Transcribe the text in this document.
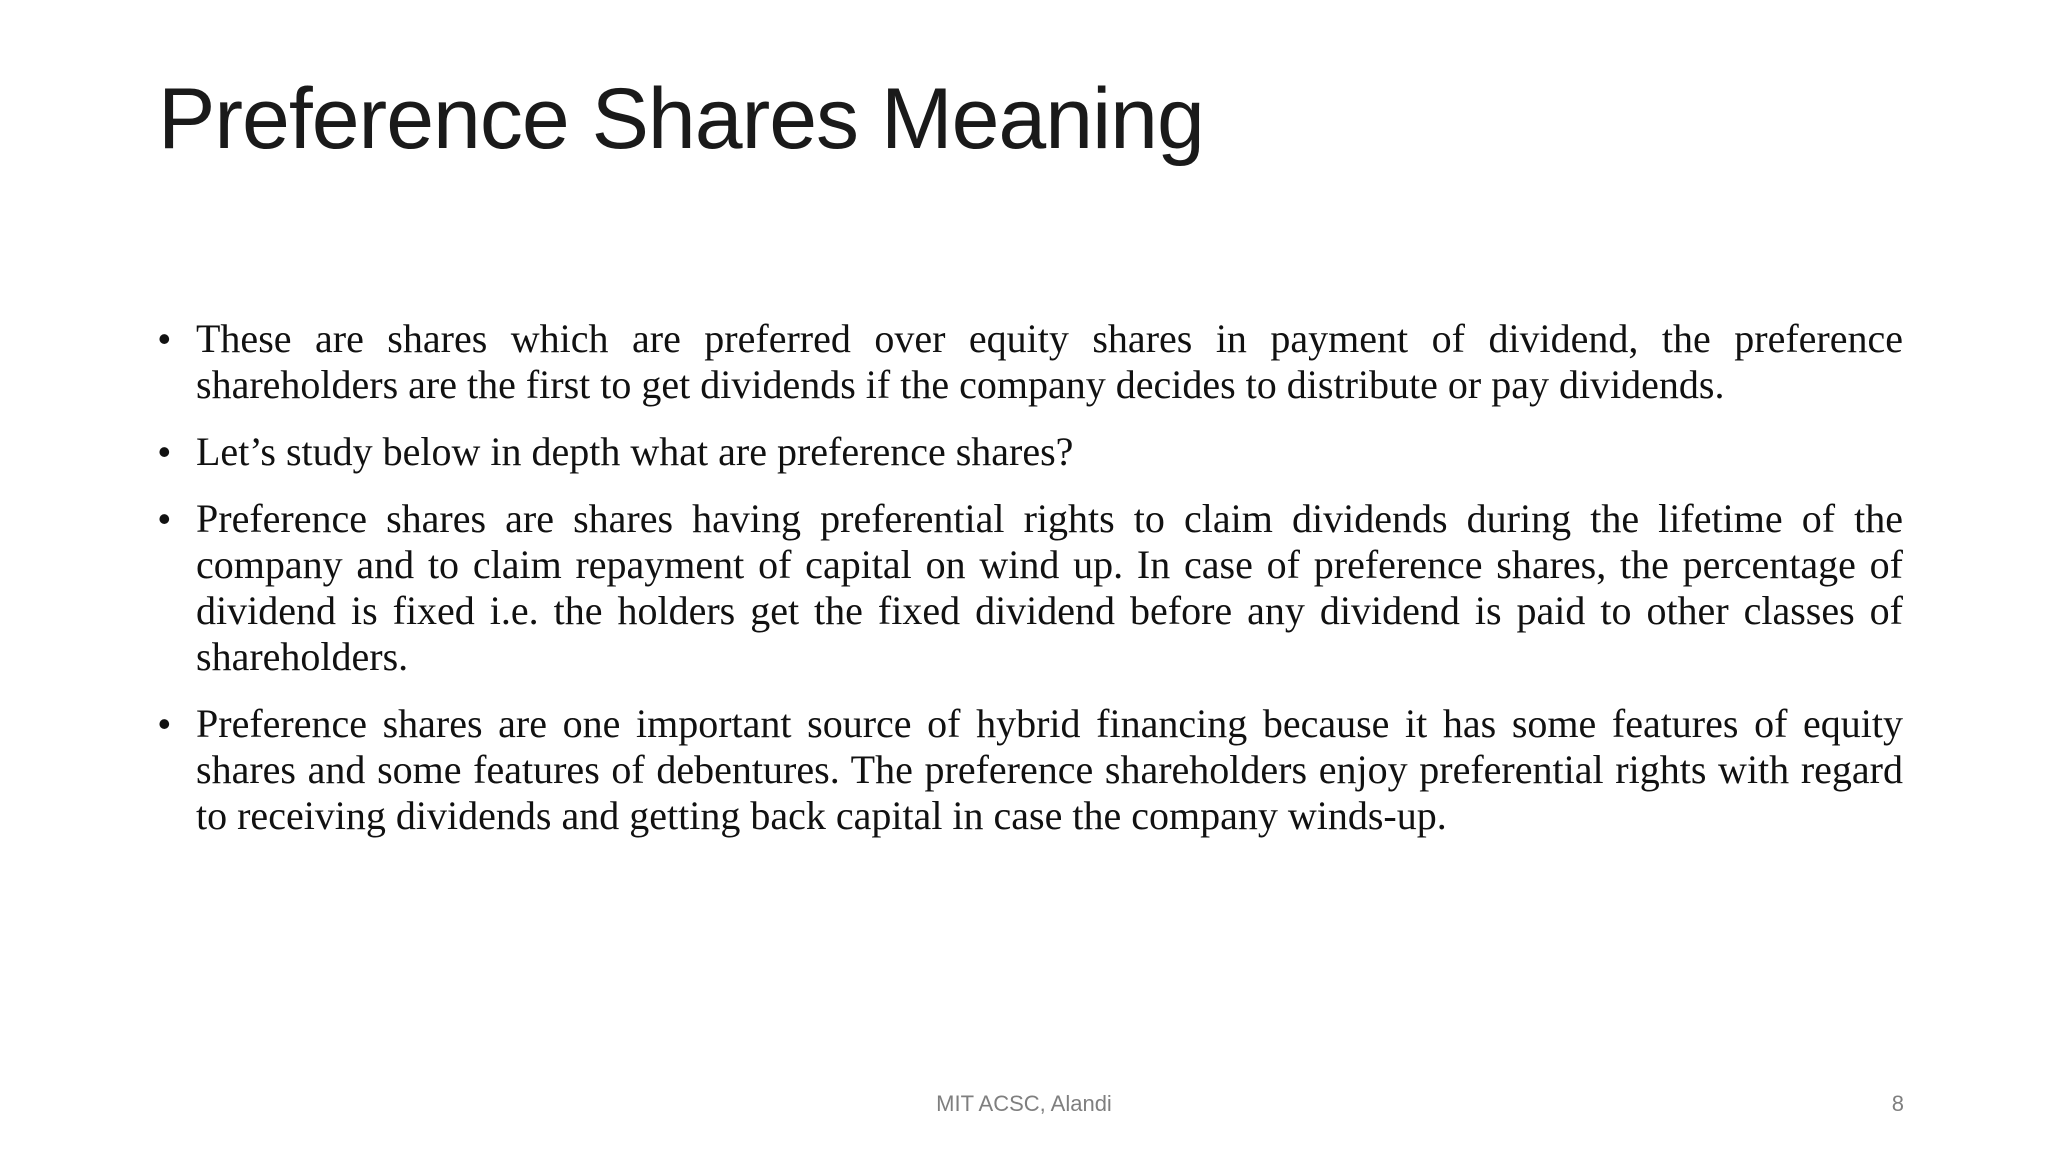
Preference Shares Meaning
• These are shares which are preferred over equity shares in payment of dividend, the preference shareholders are the first to get dividends if the company decides to distribute or pay dividends.
• Let’s study below in depth what are preference shares?
• Preference shares are shares having preferential rights to claim dividends during the lifetime of the company and to claim repayment of capital on wind up. In case of preference shares, the percentage of dividend is fixed i.e. the holders get the fixed dividend before any dividend is paid to other classes of shareholders.
• Preference shares are one important source of hybrid financing because it has some features of equity shares and some features of debentures. The preference shareholders enjoy preferential rights with regard to receiving dividends and getting back capital in case the company winds-up.
MIT ACSC, Alandi	8
